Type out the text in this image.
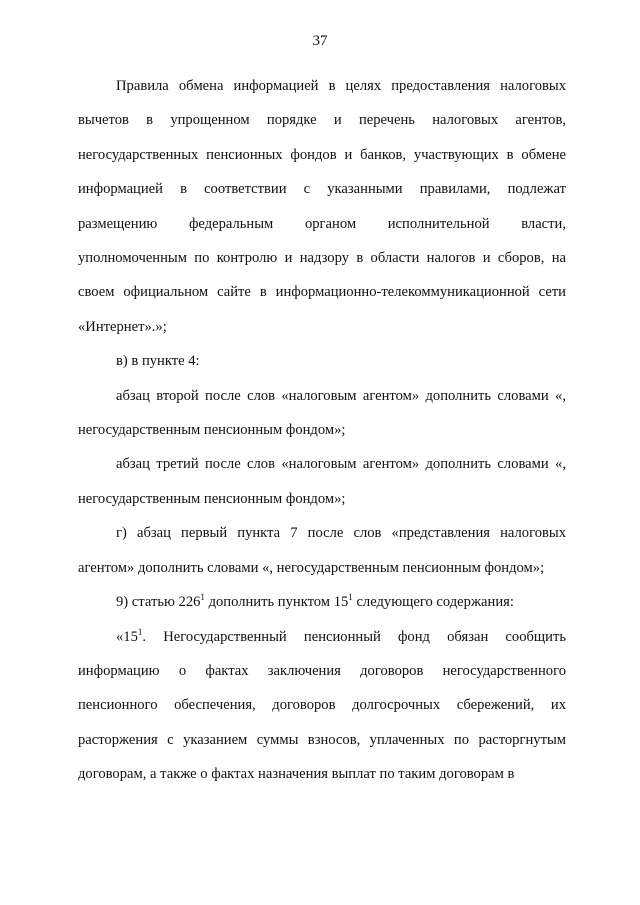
37

Правила обмена информацией в целях предоставления налоговых вычетов в упрощенном порядке и перечень налоговых агентов, негосударственных пенсионных фондов и банков, участвующих в обмене информацией в соответствии с указанными правилами, подлежат размещению федеральным органом исполнительной власти, уполномоченным по контролю и надзору в области налогов и сборов, на своем официальном сайте в информационно-телекоммуникационной сети «Интернет».»;

в) в пункте 4:

абзац второй после слов «налоговым агентом» дополнить словами «, негосударственным пенсионным фондом»;

абзац третий после слов «налоговым агентом» дополнить словами «, негосударственным пенсионным фондом»;

г) абзац первый пункта 7 после слов «представления налоговых агентом» дополнить словами «, негосударственным пенсионным фондом»;

9) статью $226^1$ дополнить пунктом $15^1$ следующего содержания:

«$15^1$. Негосударственный пенсионный фонд обязан сообщить информацию о фактах заключения договоров негосударственного пенсионного обеспечения, договоров долгосрочных сбережений, их расторжения с указанием суммы взносов, уплаченных по расторгнутым договорам, а также о фактах назначения выплат по таким договорам в
